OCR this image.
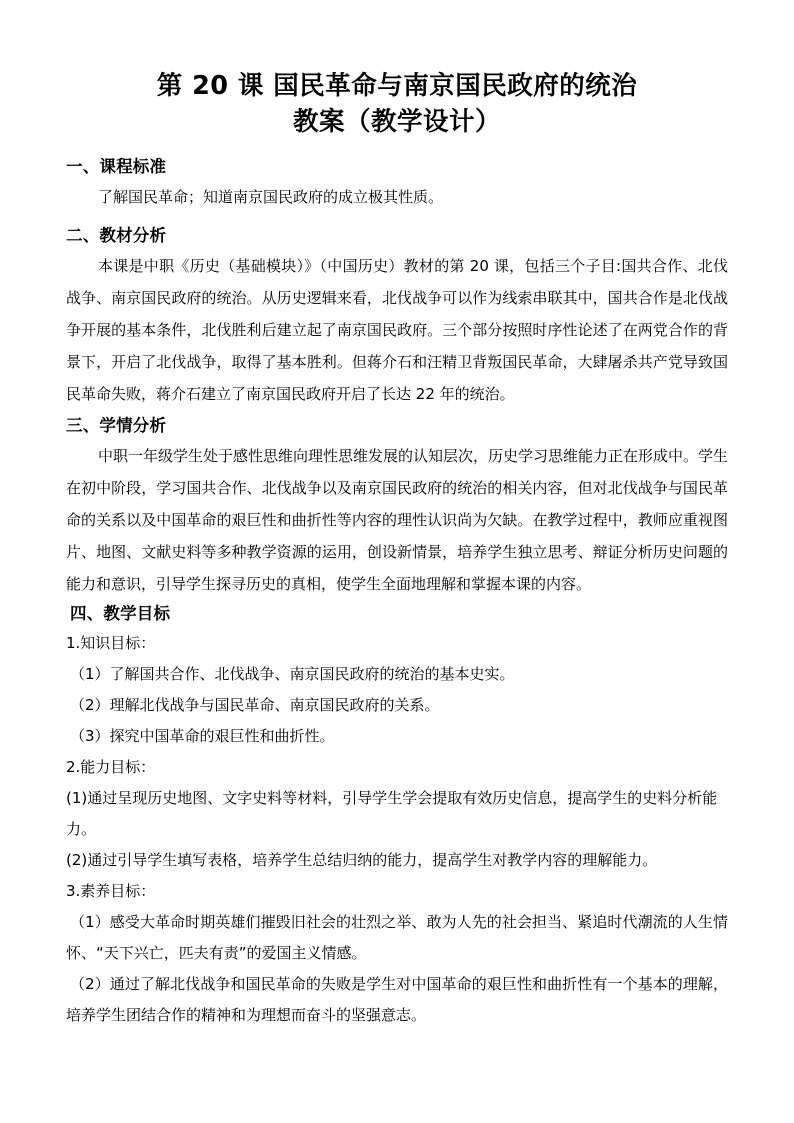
第 20 课 国民革命与南京国民政府的统治
教案（教学设计）
一、课程标准

了解国民革命；知道南京国民政府的成立极其性质。

二、教材分析

本课是中职《历史（基础模块）》（中国历史）教材的第 20 课，包括三个子目:国共合作、北伐战争、南京国民政府的统治。从历史逻辑来看，北伐战争可以作为线索串联其中，国共合作是北伐战争开展的基本条件，北伐胜利后建立起了南京国民政府。三个部分按照时序性论述了在两党合作的背景下，开启了北伐战争，取得了基本胜利。但蒋介石和汪精卫背叛国民革命，大肆屠杀共产党导致国民革命失败，蒋介石建立了南京国民政府开启了长达 22 年的统治。

三、学情分析

中职一年级学生处于感性思维向理性思维发展的认知层次，历史学习思维能力正在形成中。学生在初中阶段，学习国共合作、北伐战争以及南京国民政府的统治的相关内容，但对北伐战争与国民革命的关系以及中国革命的艰巨性和曲折性等内容的理性认识尚为欠缺。在教学过程中，教师应重视图片、地图、文献史料等多种教学资源的运用，创设新情景，培养学生独立思考、辩证分析历史问题的能力和意识，引导学生探寻历史的真相，使学生全面地理解和掌握本课的内容。

四、教学目标

1.知识目标：

（1）了解国共合作、北伐战争、南京国民政府的统治的基本史实。

（2）理解北伐战争与国民革命、南京国民政府的关系。

（3）探究中国革命的艰巨性和曲折性。

2.能力目标：

(1)通过呈现历史地图、文字史料等材料，引导学生学会提取有效历史信息，提高学生的史料分析能力。

(2)通过引导学生填写表格，培养学生总结归纳的能力，提高学生对教学内容的理解能力。

3.素养目标：

（1）感受大革命时期英雄们摧毁旧社会的壮烈之举、敢为人先的社会担当、紧追时代潮流的人生情怀、“天下兴亡，匹夫有责”的爱国主义情感。

（2）通过了解北伐战争和国民革命的失败是学生对中国革命的艰巨性和曲折性有一个基本的理解，培养学生团结合作的精神和为理想而奋斗的坚强意志。
